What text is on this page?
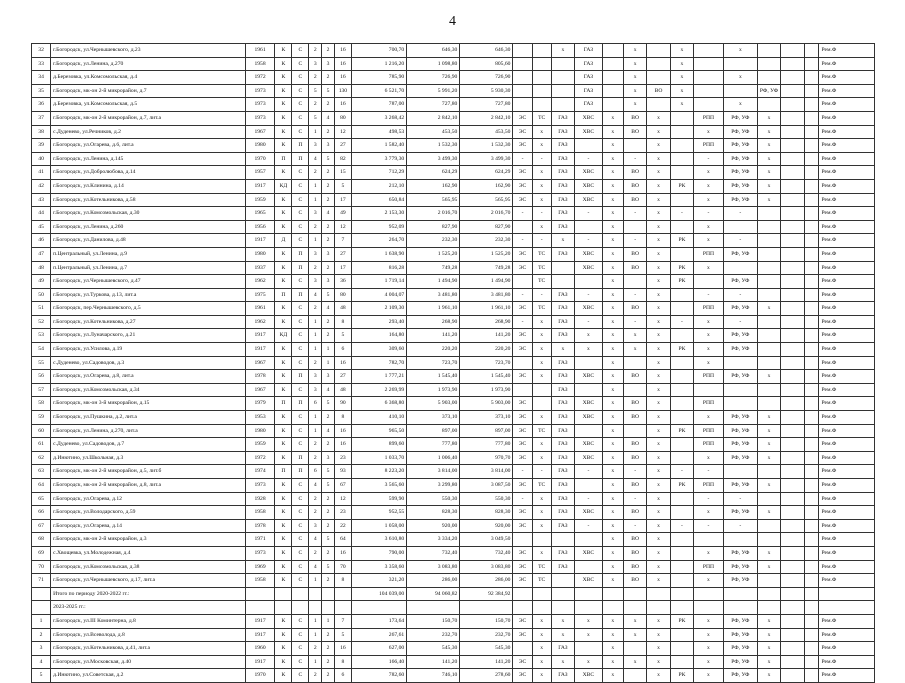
4
32	г.Богородск, ул.Чернышевского, д.23	1961	К	С	2	2	16	700,70	646,30	646,30			х	ГАЗ		х		х		х				Рем.Ф
33	г.Богородск, ул.Ленина, д.270	1958	К	С	3	3	16	1 216,20	1 098,80	805,60				ГАЗ		х		х						Рем.Ф
34	д.Березовка, ул.Комсомольская, д.4	1972	К	С	2	2	16	785,90	726,90	726,90				ГАЗ		х		х		х				Рем.Ф
35	г.Богородск, мк-он 2-й микрорайон, д.7	1973	К	С	5	5	130	6 521,70	5 991,20	5 930,30				ГАЗ		х	ВО	х			РФ, УФ			Рем.Ф
36	д.Березовка, ул.Комсомольская, д.5	1973	К	С	2	2	16	787,00	727,80	727,80				ГАЗ		х		х		х				Рем.Ф
37	г.Богородск, мк-он 2-й микрорайон, д.7, лит.а	1973	К	С	5	4	80	3 268,42	2 842,10	2 842,10	ЭС	ТС	ГАЗ	ХВС	х	ВО	х		РПП	РФ, УФ	х			Рем.Ф
38	с.Дуденево, ул.Речников, д.2	1967	К	С	1	2	12	498,53	453,50	453,50	ЭС	х	ГАЗ	ХВС	х	ВО	х		х	РФ, УФ	х			Рем.Ф
39	г.Богородск, ул.Огарева, д.6, лит.а	1980	К	П	3	3	27	1 582,40	1 532,30	1 532,30	ЭС	х	ГАЗ		х		х		РПП	РФ, УФ	х			Рем.Ф
40	г.Богородск, ул.Ленина, д.145	1970	П	П	4	5	82	3 779,30	3 499,30	3 499,30	-	-	ГАЗ	-	х	-	х		-	РФ, УФ	х			Рем.Ф
41	г.Богородск, ул.Добролюбова, д.14	1957	К	С	2	2	15	712,29	624,29	624,29	ЭС	х	ГАЗ	ХВС	х	ВО	х		х	РФ, УФ	х			Рем.Ф
42	г.Богородск, ул.Клинина, д.14	1917	КД	С	1	2	5	212,10	162,90	162,90	ЭС	х	ГАЗ	ХВС	х	ВО	х	РК	х	РФ, УФ	х			Рем.Ф
43	г.Богородск, ул.Котельникова, д.58	1959	К	С	1	2	17	650,84	565,95	565,95	ЭС	х	ГАЗ	ХВС	х	ВО	х		х	РФ, УФ	х			Рем.Ф
44	г.Богородск, ул.Комсомольская, д.30	1965	К	С	3	4	49	2 153,30	2 016,70	2 016,70	-	-	ГАЗ	-	х	-	х	-	-	-				Рем.Ф
45	г.Богородск, ул.Ленина, д.260	1956	К	С	2	2	12	952,09	827,90	827,90		х	ГАЗ		х		х		х					Рем.Ф
46	г.Богородск, ул.Данилова, д.48	1917	Д	С	1	2	7	264,70	232,30	232,30	-	-	х	-	х	-	х	РК	х	-				Рем.Ф
47	п.Центральный, ул.Ленина, д.9	1980	К	П	3	3	27	1 638,90	1 525,20	1 525,20	ЭС	ТС	ГАЗ	ХВС	х	ВО	х		РПП	РФ, УФ				Рем.Ф
48	п.Центральный, ул.Ленина, д.7	1937	К	П	2	2	17	816,28	749,28	749,28	ЭС	ТС		ХВС	х	ВО	х	РК	х					Рем.Ф
49	г.Богородск, ул.Чернышевского, д.47	1962	К	С	3	3	36	1 719,14	1 494,90	1 494,90		ТС			х		х	РК		РФ, УФ				Рем.Ф
50	г.Богородск, ул.Туркова, д.13, лит.а	1975	П	П	4	5	80	4 004,07	3 481,80	3 481,80	-	-	ГАЗ	-	х	-	х		-	-				Рем.Ф
51	г.Богородск, пер.Чернышевского, д.5	1961	К	С	2	4	48	2 109,30	1 961,10	1 961,10	ЭС	ТС	ГАЗ	ХВС	х	ВО	х		РПП	РФ, УФ	х			Рем.Ф
52	г.Богородск, ул.Котельникова, д.27	1962	К	С	1	2	8	293,40	268,90	268,90	-	х	ГАЗ	-	х	-	х	-	х	-				Рем.Ф
53	г.Богородск, ул.Луначарского, д.21	1917	КД	С	1	2	5	164,80	141,20	141,20	ЭС	х	ГАЗ	х	х	х	х		х	РФ, УФ				Рем.Ф
54	г.Богородск, ул.Усилова, д.19	1917	К	С	1	1	6	309,60	220,20	220,20	ЭС	х	х	х	х	х	х	РК	х	РФ, УФ				Рем.Ф
55	с.Дуденево, ул.Садоводов, д.3	1967	К	С	2	1	16	782,70	723,70	723,70		х	ГАЗ		х		х		х					Рем.Ф
56	г.Богородск, ул.Огарева, д.8, лит.а	1978	К	П	3	3	27	1 777,21	1 545,40	1 545,40	ЭС	х	ГАЗ	ХВС	х	ВО	х		РПП	РФ, УФ	х			Рем.Ф
57	г.Богородск, ул.Комсомольская, д.34	1967	К	С	3	4	48	2 269,99	1 973,90	1 973,90			ГАЗ		х		х							Рем.Ф
58	г.Богородск, мк-он 3-й микрорайон, д.15	1979	П	П	6	5	90	6 368,80	5 903,00	5 903,00	ЭС		ГАЗ	ХВС	х	ВО	х		РПП					Рем.Ф
59	г.Богородск, ул.Пушкина, д.2, лит.а	1953	К	С	1	2	8	410,10	373,10	373,10	ЭС	х	ГАЗ	ХВС	х	ВО	х		х	РФ, УФ	х			Рем.Ф
60	г.Богородск, ул.Ленина, д.270, лит.а	1980	К	С	1	4	16	965,50	897,00	897,00	ЭС	ТС	ГАЗ		х		х	РК	РПП	РФ, УФ	х			Рем.Ф
61	с.Дуденево, ул.Садоводов, д.7	1959	К	С	2	2	16	899,60	777,80	777,80	ЭС	х	ГАЗ	ХВС	х	ВО	х		РПП	РФ, УФ	х			Рем.Ф
62	д.Инютино, ул.Школьная, д.3	1972	К	П	2	3	23	1 033,70	1 006,40	970,70	ЭС	х	ГАЗ	ХВС	х	ВО	х		х	РФ, УФ	х			Рем.Ф
63	г.Богородск, мк-он 2-й микрорайон, д.5, лит.б	1974	П	П	6	5	93	8 223,20	3 814,00	3 814,00	-	-	ГАЗ	-	х	-	х	-	-					Рем.Ф
64	г.Богородск, мк-он 2-й микрорайон, д.8, лит.а	1973	К	С	4	5	67	3 565,60	3 299,80	3 087,50	ЭС	ТС	ГАЗ		х	ВО	х	РК	РПП	РФ, УФ	х			Рем.Ф
65	г.Богородск, ул.Огарева, д.12	1928	К	С	2	2	12	599,90	550,30	550,30	-	х	ГАЗ	-	х	-	х		-	-				Рем.Ф
66	г.Богородск, ул.Володарского, д.59	1958	К	С	2	2	23	952,55	828,30	828,30	ЭС	х	ГАЗ	ХВС	х	ВО	х		х	РФ, УФ	х			Рем.Ф
67	г.Богородск, ул.Огарева, д.14	1978	К	С	3	2	22	1 058,00	920,00	920,00	ЭС	х	ГАЗ	-	х	-	х	-	-	-				Рем.Ф
68	г.Богородск, мк-он 2-й микрорайон, д.3	1971	К	С	4	5	64	3 610,80	3 334,20	3 049,50					х	ВО	х							Рем.Ф
69	с.Хвощевка, ул.Молодежная, д.4	1973	К	С	2	2	16	790,00	732,40	732,40	ЭС	х	ГАЗ	ХВС	х	ВО	х		х	РФ, УФ	х			Рем.Ф
70	г.Богородск, ул.Комсомольская, д.38	1969	К	С	4	5	70	3 358,60	3 083,80	3 083,80	ЭС	ТС	ГАЗ		х	ВО	х		РПП	РФ, УФ	х			Рем.Ф
71	г.Богородск, ул.Чернышевского, д.17, лит.а	1958	К	С	1	2	8	321,20	286,00	286,00	ЭС	ТС		ХВС	х	ВО	х		х	РФ, УФ				Рем.Ф
	Итого по периоду 2020-2022 гг.:							104 039,00	94 060,82	92 384,92														
	2023-2025 гг.:																							
1	г.Богородск, ул.III Коминтерна, д.8	1917	К	С	1	1	7	173,64	150,70	150,70	ЭС	х	х	х	х	х	х	РК	х	РФ, УФ	х			Рем.Ф
2	г.Богородск, ул.Всеволода, д.8	1917	К	С	1	2	5	267,61	232,70	232,70	ЭС	х	х	х	х	х	х		х	РФ, УФ	х			Рем.Ф
3	г.Богородск, ул.Котельникова, д.41, лит.а	1960	К	С	2	2	16	627,00	545,30	545,30		х	ГАЗ		х		х		х	РФ, УФ	х			Рем.Ф
4	г.Богородск, ул.Московская, д.40	1917	К	С	1	2	8	166,40	141,20	141,20	ЭС	х	х	х	х	х	х		х	РФ, УФ	х			Рем.Ф
5	д.Инютино, ул.Советская, д.2	1970	К	С	2	2	6	782,60	746,10	278,60	ЭС	х	ГАЗ	ХВС	х		х	РК	х	РФ, УФ	х			Рем.Ф
